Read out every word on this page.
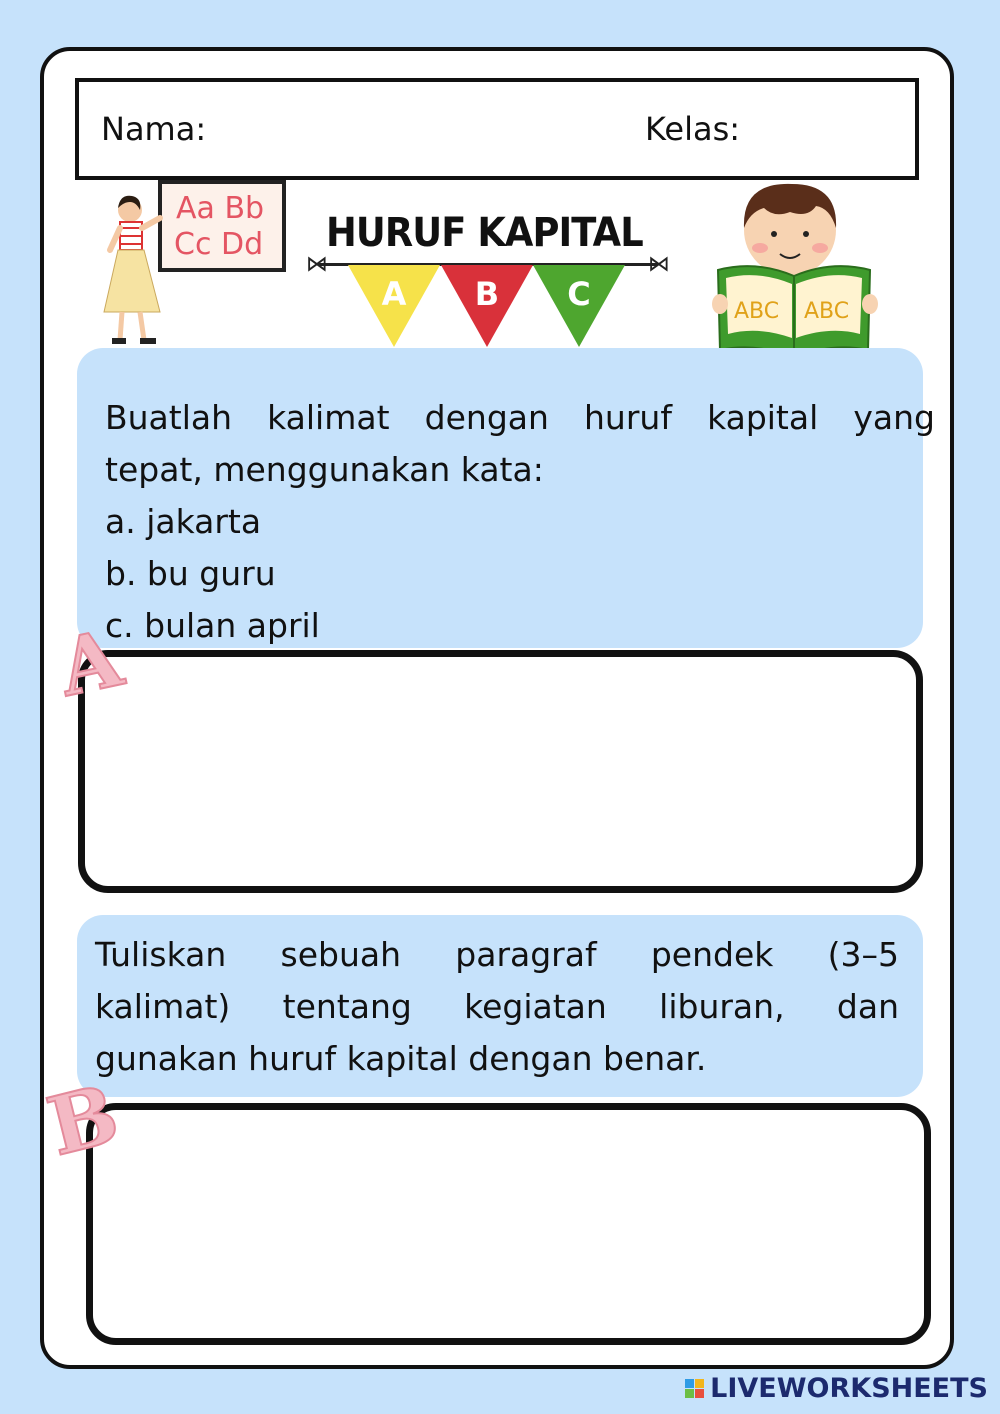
Nama:	Kelas:
Aa Bb
Cc Dd HURUF KAPITAL
⋈	⋈
A B C	ABC ABC
Buatlah kalimat dengan huruf kapital yang
tepat, menggunakan kata:
a. jakarta
b. bu guru
c. bulan april
A
Tuliskan sebuah paragraf pendek (3–5
kalimat) tentang kegiatan liburan, dan
gunakan huruf kapital dengan benar.
B
LIVEWORKSHEETS
